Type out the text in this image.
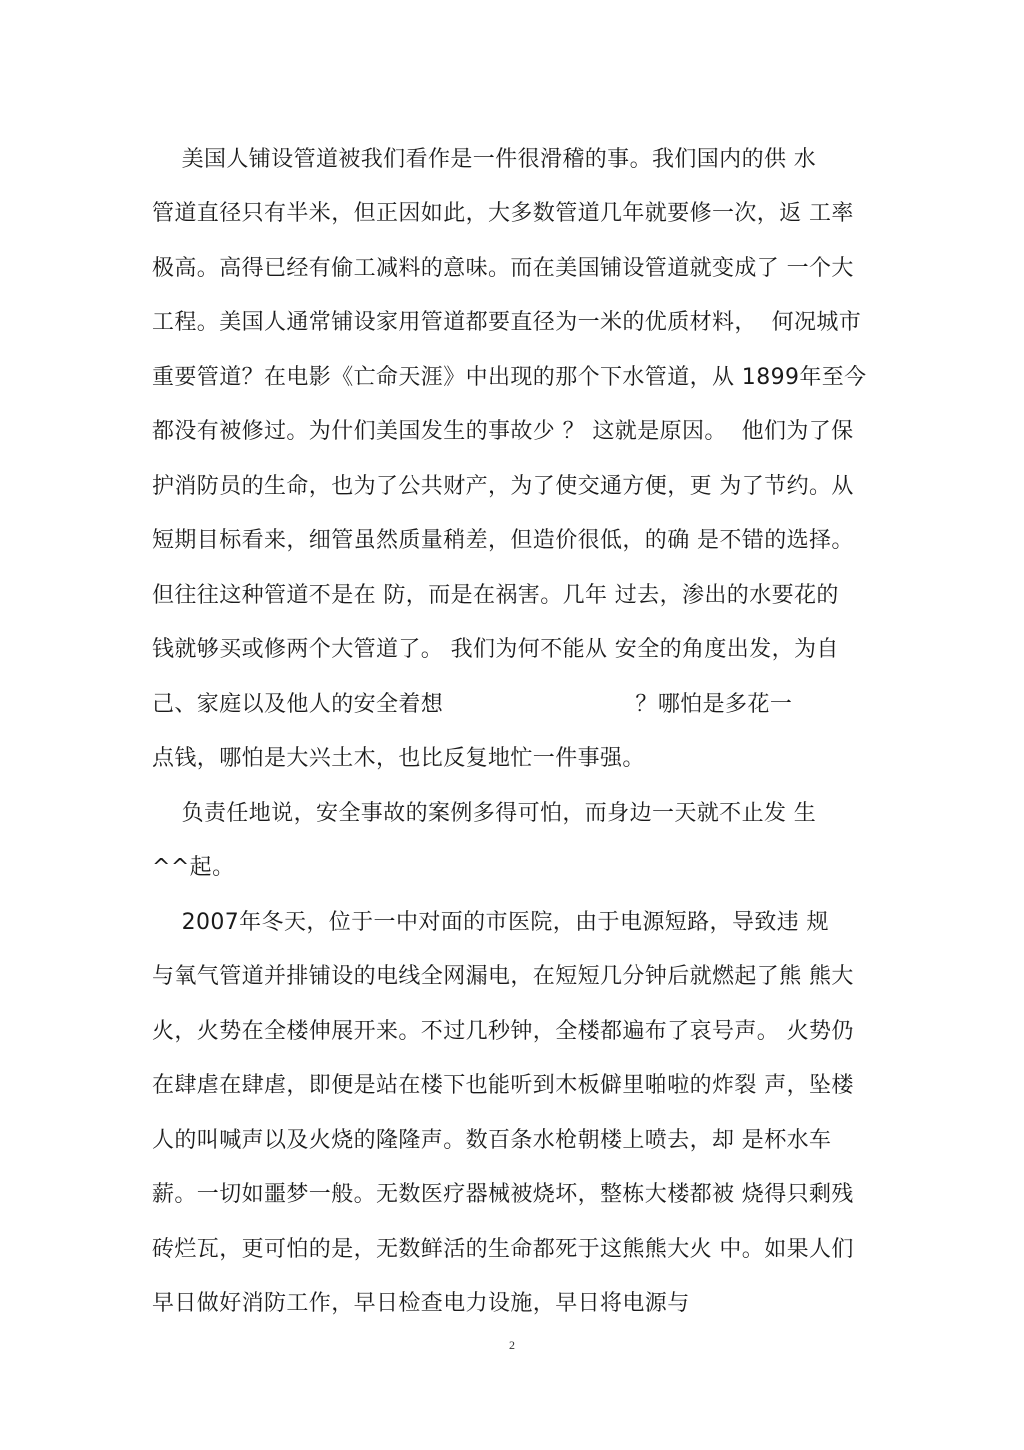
美国人铺设管道被我们看作是一件很滑稽的事。我们国内的供 水
管道直径只有半米，但正因如此，大多数管道几年就要修一次，返 工率
极高。高得已经有偷工减料的意味。而在美国铺设管道就变成了 一个大
工程。美国人通常铺设家用管道都要直径为一米的优质材料，  何况城市
重要管道？在电影《亡命天涯》中出现的那个下水管道，从 1899年至今
都没有被修过。为什们美国发生的事故少 ？ 这就是原因。  他们为了保
护消防员的生命，也为了公共财产，为了使交通方便，更 为了节约。从
短期目标看来，细管虽然质量稍差，但造价很低，的确 是不错的选择。
但往往这种管道不是在 防，而是在祸害。几年 过去，渗出的水要花的
钱就够买或修两个大管道了。 我们为何不能从 安全的角度出发，为自
己、家庭以及他人的安全着想                          ？哪怕是多花一
点钱，哪怕是大兴土木，也比反复地忙一件事强。
负责任地说，安全事故的案例多得可怕，而身边一天就不止发 生
^^起。
2007年冬天，位于一中对面的市医院，由于电源短路，导致违 规
与氧气管道并排铺设的电线全网漏电，在短短几分钟后就燃起了熊 熊大
火，火势在全楼伸展开来。不过几秒钟，全楼都遍布了哀号声。 火势仍
在肆虐在肆虐，即便是站在楼下也能听到木板僻里啪啦的炸裂 声，坠楼
人的叫喊声以及火烧的隆隆声。数百条水枪朝楼上喷去，却 是杯水车
薪。一切如噩梦一般。无数医疗器械被烧坏，整栋大楼都被 烧得只剩残
砖烂瓦，更可怕的是，无数鲜活的生命都死于这熊熊大火 中。如果人们
早日做好消防工作，早日检查电力设施，早日将电源与
2
